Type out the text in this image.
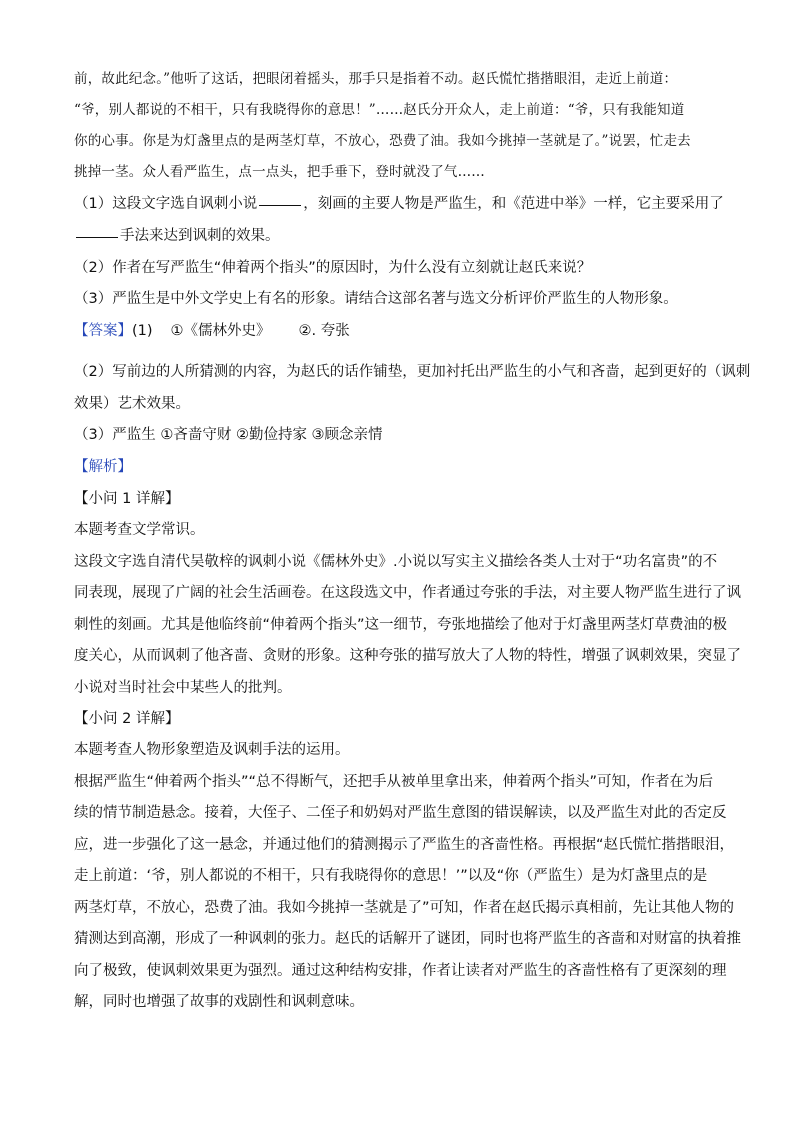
前，故此纪念。”他听了这话，把眼闭着摇头，那手只是指着不动。赵氏慌忙揩揩眼泪，走近上前道：
“爷，别人都说的不相干，只有我晓得你的意思！”……赵氏分开众人，走上前道：“爷，只有我能知道
你的心事。你是为灯盏里点的是两茎灯草，不放心，恐费了油。我如今挑掉一茎就是了。”说罢，忙走去
挑掉一茎。众人看严监生，点一点头，把手垂下，登时就没了气……
（1）这段文字选自讽刺小说	，刻画的主要人物是严监生，和《范进中举》一样，它主要采用了
手法来达到讽刺的效果。
（2）作者在写严监生“伸着两个指头”的原因时，为什么没有立刻就让赵氏来说？
（3）严监生是中外文学史上有名的形象。请结合这部名著与选文分析评价严监生的人物形象。
【答案】(1) ①《儒林外史》 ②. 夸张
（2）写前边的人所猜测的内容，为赵氏的话作铺垫，更加衬托出严监生的小气和吝啬，起到更好的（讽刺
效果）艺术效果。
（3）严监生 ①吝啬守财 ②勤俭持家 ③顾念亲情
【解析】
【小问 1 详解】
本题考查文学常识。
这段文字选自清代吴敬梓的讽刺小说《儒林外史》.小说以写实主义描绘各类人士对于“功名富贵”的不
同表现，展现了广阔的社会生活画卷。在这段选文中，作者通过夸张的手法，对主要人物严监生进行了讽
刺性的刻画。尤其是他临终前“伸着两个指头”这一细节，夸张地描绘了他对于灯盏里两茎灯草费油的极
度关心，从而讽刺了他吝啬、贪财的形象。这种夸张的描写放大了人物的特性，增强了讽刺效果，突显了
小说对当时社会中某些人的批判。
【小问 2 详解】
本题考查人物形象塑造及讽刺手法的运用。
根据严监生“伸着两个指头”“总不得断气，还把手从被单里拿出来，伸着两个指头”可知，作者在为后
续的情节制造悬念。接着，大侄子、二侄子和奶妈对严监生意图的错误解读，以及严监生对此的否定反
应，进一步强化了这一悬念，并通过他们的猜测揭示了严监生的吝啬性格。再根据“赵氏慌忙揩揩眼泪，
走上前道：‘爷，别人都说的不相干，只有我晓得你的意思！’”以及“你（严监生）是为灯盏里点的是
两茎灯草，不放心，恐费了油。我如今挑掉一茎就是了”可知，作者在赵氏揭示真相前，先让其他人物的
猜测达到高潮，形成了一种讽刺的张力。赵氏的话解开了谜团，同时也将严监生的吝啬和对财富的执着推
向了极致，使讽刺效果更为强烈。通过这种结构安排，作者让读者对严监生的吝啬性格有了更深刻的理
解，同时也增强了故事的戏剧性和讽刺意味。
